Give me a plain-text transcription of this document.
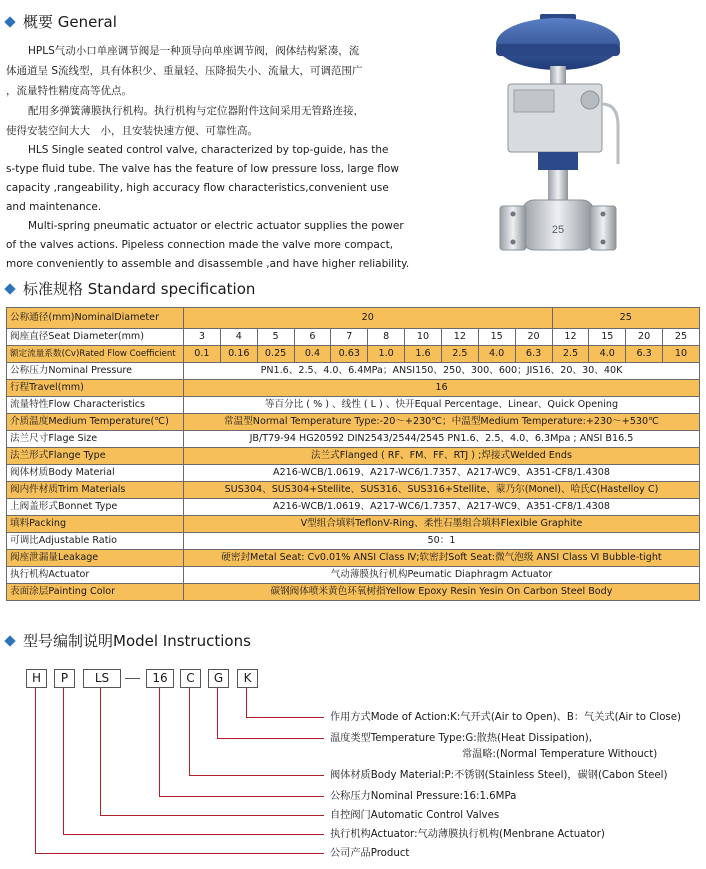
概要 General
HPLS气动小口单座调节阀是一种顶导向单座调节阀，阀体结构紧凑，流
体通道呈 S流线型，具有体积少、重量轻、压降损失小、流量大，可调范围广
，流量特性精度高等优点。
配用多弹簧薄膜执行机构。执行机构与定位器附件这间采用无管路连接，
使得安装空间大大　小，且安装快速方便、可靠性高。
HLS Single seated control valve, characterized by top-guide, has the
s-type fluid tube. The valve has the feature of low pressure loss, large flow
capacity ,rangeability, high accuracy flow characteristics,convenient use
and maintenance.
Multi-spring pneumatic actuator or electric actuator supplies the power
of the valves actions. Pipeless connection made the valve more compact,
more conveniently to assemble and disassemble ,and have higher reliability.
25
标准规格 Standard specification
公称通径(mm)NominalDiameter	20										25			
阀座直径Seat Diameter(mm)	3	4	5	6	7	8	10	12	15	20	12	15	20	25
额定流量系数(Cv)Rated Flow Coefficient	0.1	0.16	0.25	0.4	0.63	1.0	1.6	2.5	4.0	6.3	2.5	4.0	6.3	10
公称压力Nominal Pressure	PN1.6、2.5、4.0、6.4MPa；ANSI150、250、300、600；JIS16、20、30、40K													
行程Travel(mm)	16													
流量特性Flow Characteristics	等百分比 ( % ) 、线性 ( L ) 、快开Equal Percentage、Linear、Quick Opening													
介质温度Medium Temperature(℃)	常温型Normal Temperature Type:-20～+230℃；中温型Medium Temperature:+230～+530℃													
法兰尺寸Flage Size	JB/T79-94 HG20592 DIN2543/2544/2545 PN1.6、2.5、4.0、6.3Mpa ; ANSI B16.5													
法兰形式Flange Type	法兰式Flanged ( RF、FM、FF、RTJ ) ;焊接式Welded Ends													
阀体材质Body Material	A216-WCB/1.0619、A217-WC6/1.7357、A217-WC9、A351-CF8/1.4308													
阀内件材质Trim Materials	SUS304、SUS304+Stellite、SUS316、SUS316+Stellite、蒙乃尔(Monel)、哈氏C(Hastelloy C)													
上阀盖形式Bonnet Type	A216-WCB/1.0619、A217-WC6/1.7357、A217-WC9、A351-CF8/1.4308													
填料Packing	V型组合填料TeflonV-Ring、柔性石墨组合填料Flexible Graphite													
可调比Adjustable Ratio	50：1													
阀座泄漏量Leakage	硬密封Metal Seat: Cv0.01% ANSI Class Ⅳ;软密封Soft Seat:微气泡级 ANSI Class Ⅵ Bubble-tight													
执行机构Actuator	气动薄膜执行机构Peumatic Diaphragm Actuator													
表面涂层Painting Color	碳钢阀体喷米黄色环氧树指Yellow Epoxy Resin Yesin On Carbon Steel Body													
型号编制说明Model Instructions
H	P	LS	16	C	G	K
作用方式Mode of Action:K:气开式(Air to Open)、B：气关式(Air to Close)
温度类型Temperature Type:G:散热(Heat Dissipation),
常温略:(Normal Temperature Withouct)
阀体材质Body Material:P:不锈钢(Stainless Steel)，碳钢(Cabon Steel)
公称压力Nominal Pressure:16:1.6MPa
自控阀门Automatic Control Valves
执行机构Actuator:气动薄膜执行机构(Menbrane Actuator)
公司产品Product
